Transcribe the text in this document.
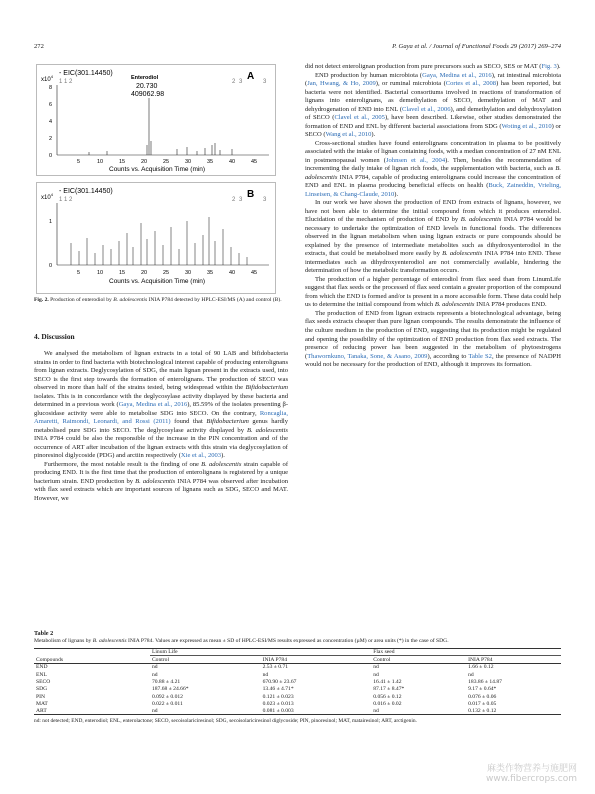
272	P. Gaya et al. / Journal of Functional Foods 29 (2017) 269–274
$x10^4 - EIC(301.14450)$
1 1 2	2 3	3
A
Enterodiol
20.730
409062.98
8
6
4
2
0
5	10	15	20	25	30	35	40	45
Counts vs. Acquisition Time (min)
$x10^4 - EIC(301.14450)$
1 1 2	2 3	3
B
1
0
5	10	15	20	25	30	35	40	45
Counts vs. Acquisition Time (min)
Fig. 2. Production of enterodiol by B. adolescentis INIA P784 detected by HPLC-ESI/MS (A) and control (B).
4. Discussion

We analysed the metabolism of lignan extracts in a total of 90 LAB and bifidobacteria strains in order to find bacteria with biotechnological interest capable of producing enterolignans from lignan extracts. Deglycosylation of SDG, the main lignan present in the extracts used, into SECO is the first step towards the formation of enterolignans. The production of SECO was observed in more than half of the strains tested, being widespread within the Bifidobacterium isolates. This is in concordance with the deglycosylase activity displayed by these bacteria and determined in a previous work (Gaya, Medina et al., 2016), 85.59% of the isolates presenting β-glucosidase activity were able to metabolise SDG into SECO. On the contrary, Roncaglia, Amaretti, Raimondi, Leonardi, and Rossi (2011) found that Bifidobacterium genus hardly metabolised pure SDG into SECO. The deglycosylase activity displayed by B. adolescentis INIA P784 could be also the responsible of the increase in the PIN concentration and of the occurrence of ART after incubation of the lignan extracts with this strain via deglycosylation of pinoresinol diglycoside (PDG) and arctiin respectively (Xie et al., 2003).

Furthermore, the most notable result is the finding of one B. adolescentis strain capable of producing END. It is the first time that the production of enterolignans is registered by a unique bacterium strain. END production by B. adolescentis INIA P784 was observed after incubation with flax seed extracts which are important sources of lignans such as SDG, SECO and MAT. However, we

did not detect enterolignan production from pure precursors such as SECO, SES or MAT (Fig. 3).

END production by human microbiota (Gaya, Medina et al., 2016), rat intestinal microbiota (Jan, Hwang, & Ho, 2009), or ruminal microbiota (Cortes et al., 2008) has been reported, but bacteria were not identified. Bacterial consortiums involved in reactions of transformation of lignans into enterolignans, as demethylation of SECO, demethylation of MAT and dehydrogenation of END into ENL (Clavel et al., 2006), and demethylation and dehydroxylation of SECO (Clavel et al., 2005), have been described. Likewise, other studies demonstrated the formation of END and ENL by different bacterial associations from SDG (Woting et al., 2010) or SECO (Wang et al., 2010).

Cross-sectional studies have found enterolignans concentration in plasma to be positively associated with the intake of lignan containing foods, with a median concentration of 27 nM ENL in postmenopausal women (Johnsen et al., 2004). Then, besides the recommendation of incrementing the daily intake of lignan rich foods, the supplementation with bacteria, such as B. adolescentis INIA P784, capable of producing enterolignans could increase the concentration of END and ENL in plasma producing beneficial effects on health (Buck, Zaineddin, Vrieling, Linseisen, & Chang-Claude, 2010).

In our work we have shown the production of END from extracts of lignans, however, we have not been able to determine the initial compound from which it produces enterodiol. Elucidation of the mechanism of production of END by B. adolescentis INIA P784 would be necessary to undertake the optimization of END levels in functional foods. The differences observed in the lignan metabolism when using lignan extracts or pure compounds should be explained by the presence of intermediate metabolites such as dihydroxyenterodiol in the extracts, that could be metabolised more easily by B. adolescentis INIA P784 into END. These intermediates such as dihydroxyenterodiol are not commercially available, hindering the determination of how the metabolic transformation occurs.

The production of a higher percentage of enterodiol from flax seed than from LinumLife suggest that flax seeds or the processed of flax seed contain a greater proportion of the compound from which the END is formed and/or is present in a more accessible form. These data could help us to determine the initial compound from which B. adolescentis INIA P784 produces END.

The production of END from lignan extracts represents a biotechnological advantage, being flax seeds extracts cheaper than pure lignan compounds. The results demonstrate the influence of the culture medium in the production of END, suggesting that its production might be regulated and opening the possibility of the optimization of END production from flax seed extracts. The presence of reducing power has been suggested in the metabolism of phytoestrogens (Thawornkuno, Tanaka, Sone, & Asano, 2009), according to Table S2, the presence of NADPH would not be necessary for the production of END, although it improves its formation.

Table 2
Metabolism of lignans by B. adolescentis INIA P784. Values are expressed as mean ± SD of HPLC-ESI/MS results expressed as concentration (µM) or area units (*) in the case of SDG.
	Linum Life		Flax seed	
Compounds	Control	INIA P784	Control	INIA P784
END	nd	2.53 ± 0.71	nd	1.66 ± 0.12
ENL	nd	nd	nd	nd
SECO	70.88 ± 4.21	670.90 ± 23.67	16.41 ± 1.42	183.86 ± 14.87
SDG	187.68 ± 24.66*	13.46 ± 4.71*	87.17 ± 8.47*	9.17 ± 0.64*
PIN	0.092 ± 0.012	0.121 ± 0.023	0.056 ± 0.12	0.076 ± 0.06
MAT	0.022 ± 0.011	0.023 ± 0.013	0.016 ± 0.02	0.017 ± 0.05
ART	nd	0.081 ± 0.003	nd	0.132 ± 0.12
nd: not detected; END, enterodiol; ENL, enterolactone; SECO, secoisolariciresinol; SDG, secoisolariciresinol diglycoside; PIN, pinoresinol; MAT, matairesinol; ART, arctigenin.
麻类作物营养与施肥网
www.fibercrops.com
